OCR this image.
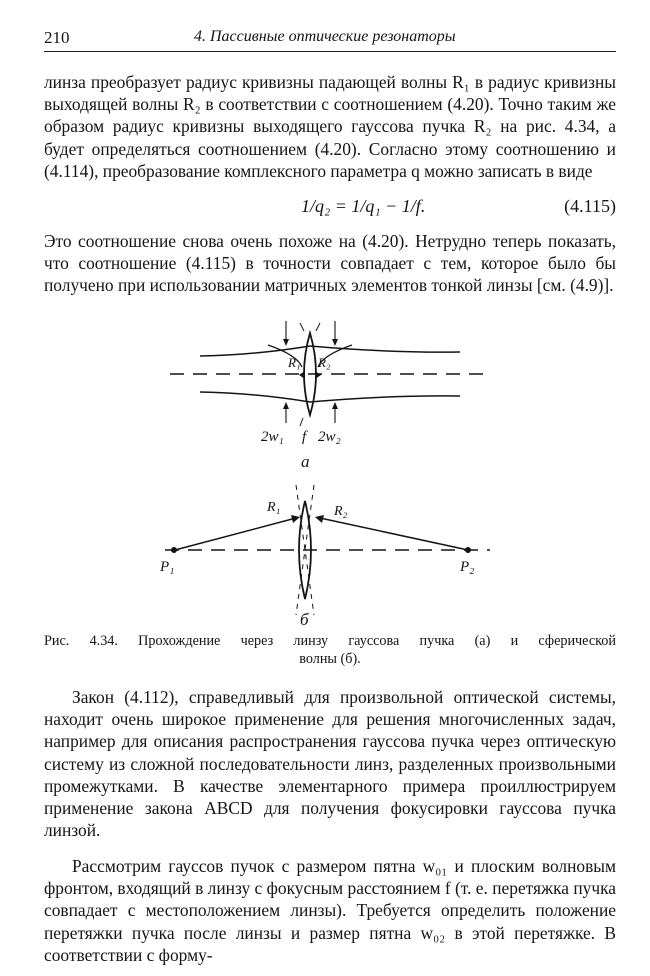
210	4. Пассивные оптические резонаторы

линза преобразует радиус кривизны падающей волны R₁ в радиус кривизны выходящей волны R₂ в соответствии с соотношением (4.20). Точно таким же образом радиус кривизны выходящего гауссова пучка R₂ на рис. 4.34, а будет определяться соотношением (4.20). Согласно этому соотношению и (4.114), преобразование комплексного параметра q можно записать в виде

1/q₂ = 1/q₁ − 1/f.	(4.115)

Это соотношение снова очень похоже на (4.20). Нетрудно теперь показать, что соотношение (4.115) в точности совпадает с тем, которое было бы получено при использовании матричных элементов тонкой линзы [см. (4.9)].

R₁ R₂
2w₁ f 2w₂
а
R₁	R₂
P₁	P₂
б

Рис. 4.34. Прохождение через линзу гауссова пучка (а) и сферической
волны (б).

Закон (4.112), справедливый для произвольной оптической системы, находит очень широкое применение для решения многочисленных задач, например для описания распространения гауссова пучка через оптическую систему из сложной последовательности линз, разделенных произвольными промежутками. В качестве элементарного примера проиллюстрируем применение закона ABCD для получения фокусировки гауссова пучка линзой.

Рассмотрим гауссов пучок с размером пятна w₀₁ и плоским волновым фронтом, входящий в линзу с фокусным расстоянием f (т. е. перетяжка пучка совпадает с местоположением линзы). Требуется определить положение перетяжки пучка после линзы и размер пятна w₀₂ в этой перетяжке. В соответствии с форму-
